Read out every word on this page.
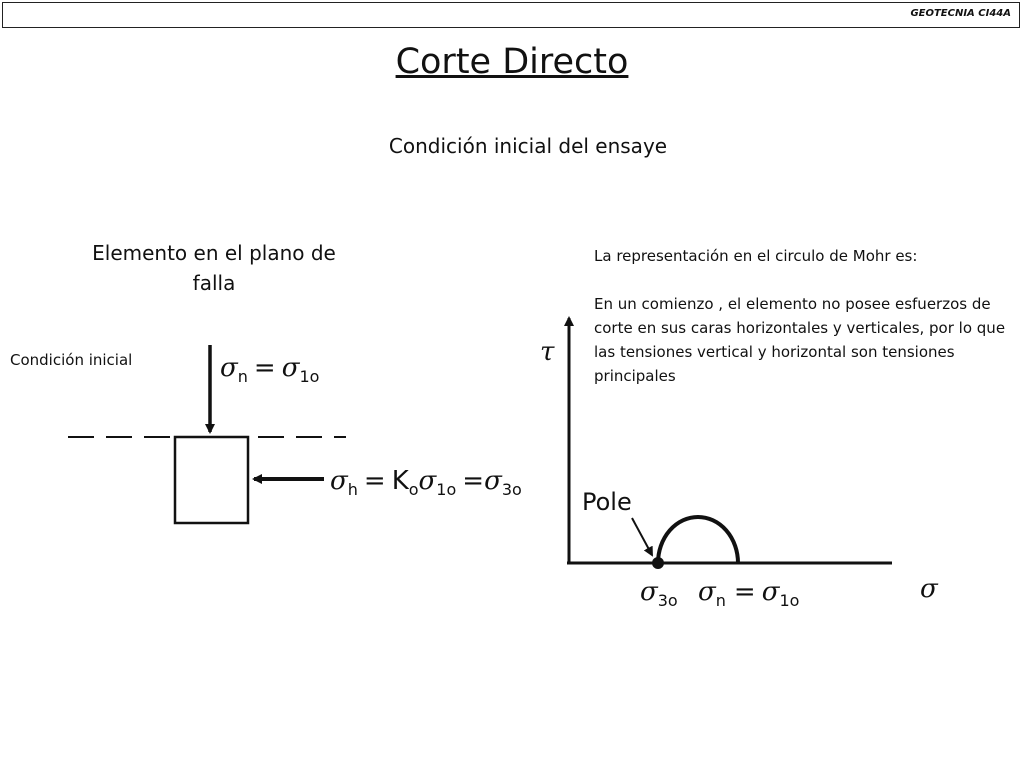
GEOTECNIA CI44A
Corte Directo
Condición inicial del ensaye
Elemento en el plano de falla
Condición inicial

La representación en el circulo de Mohr es:

En un comienzo , el elemento no posee esfuerzos de corte en sus caras horizontales y verticales, por lo que las tensiones vertical y horizontal son tensiones principales

$\sigma_n = \sigma_{1o}$
$\sigma_h = K_o\sigma_{1o} =\sigma_{3o}$
τ
σ
Pole
$\sigma_{3o}$ $\sigma_n = \sigma_{1o}$
